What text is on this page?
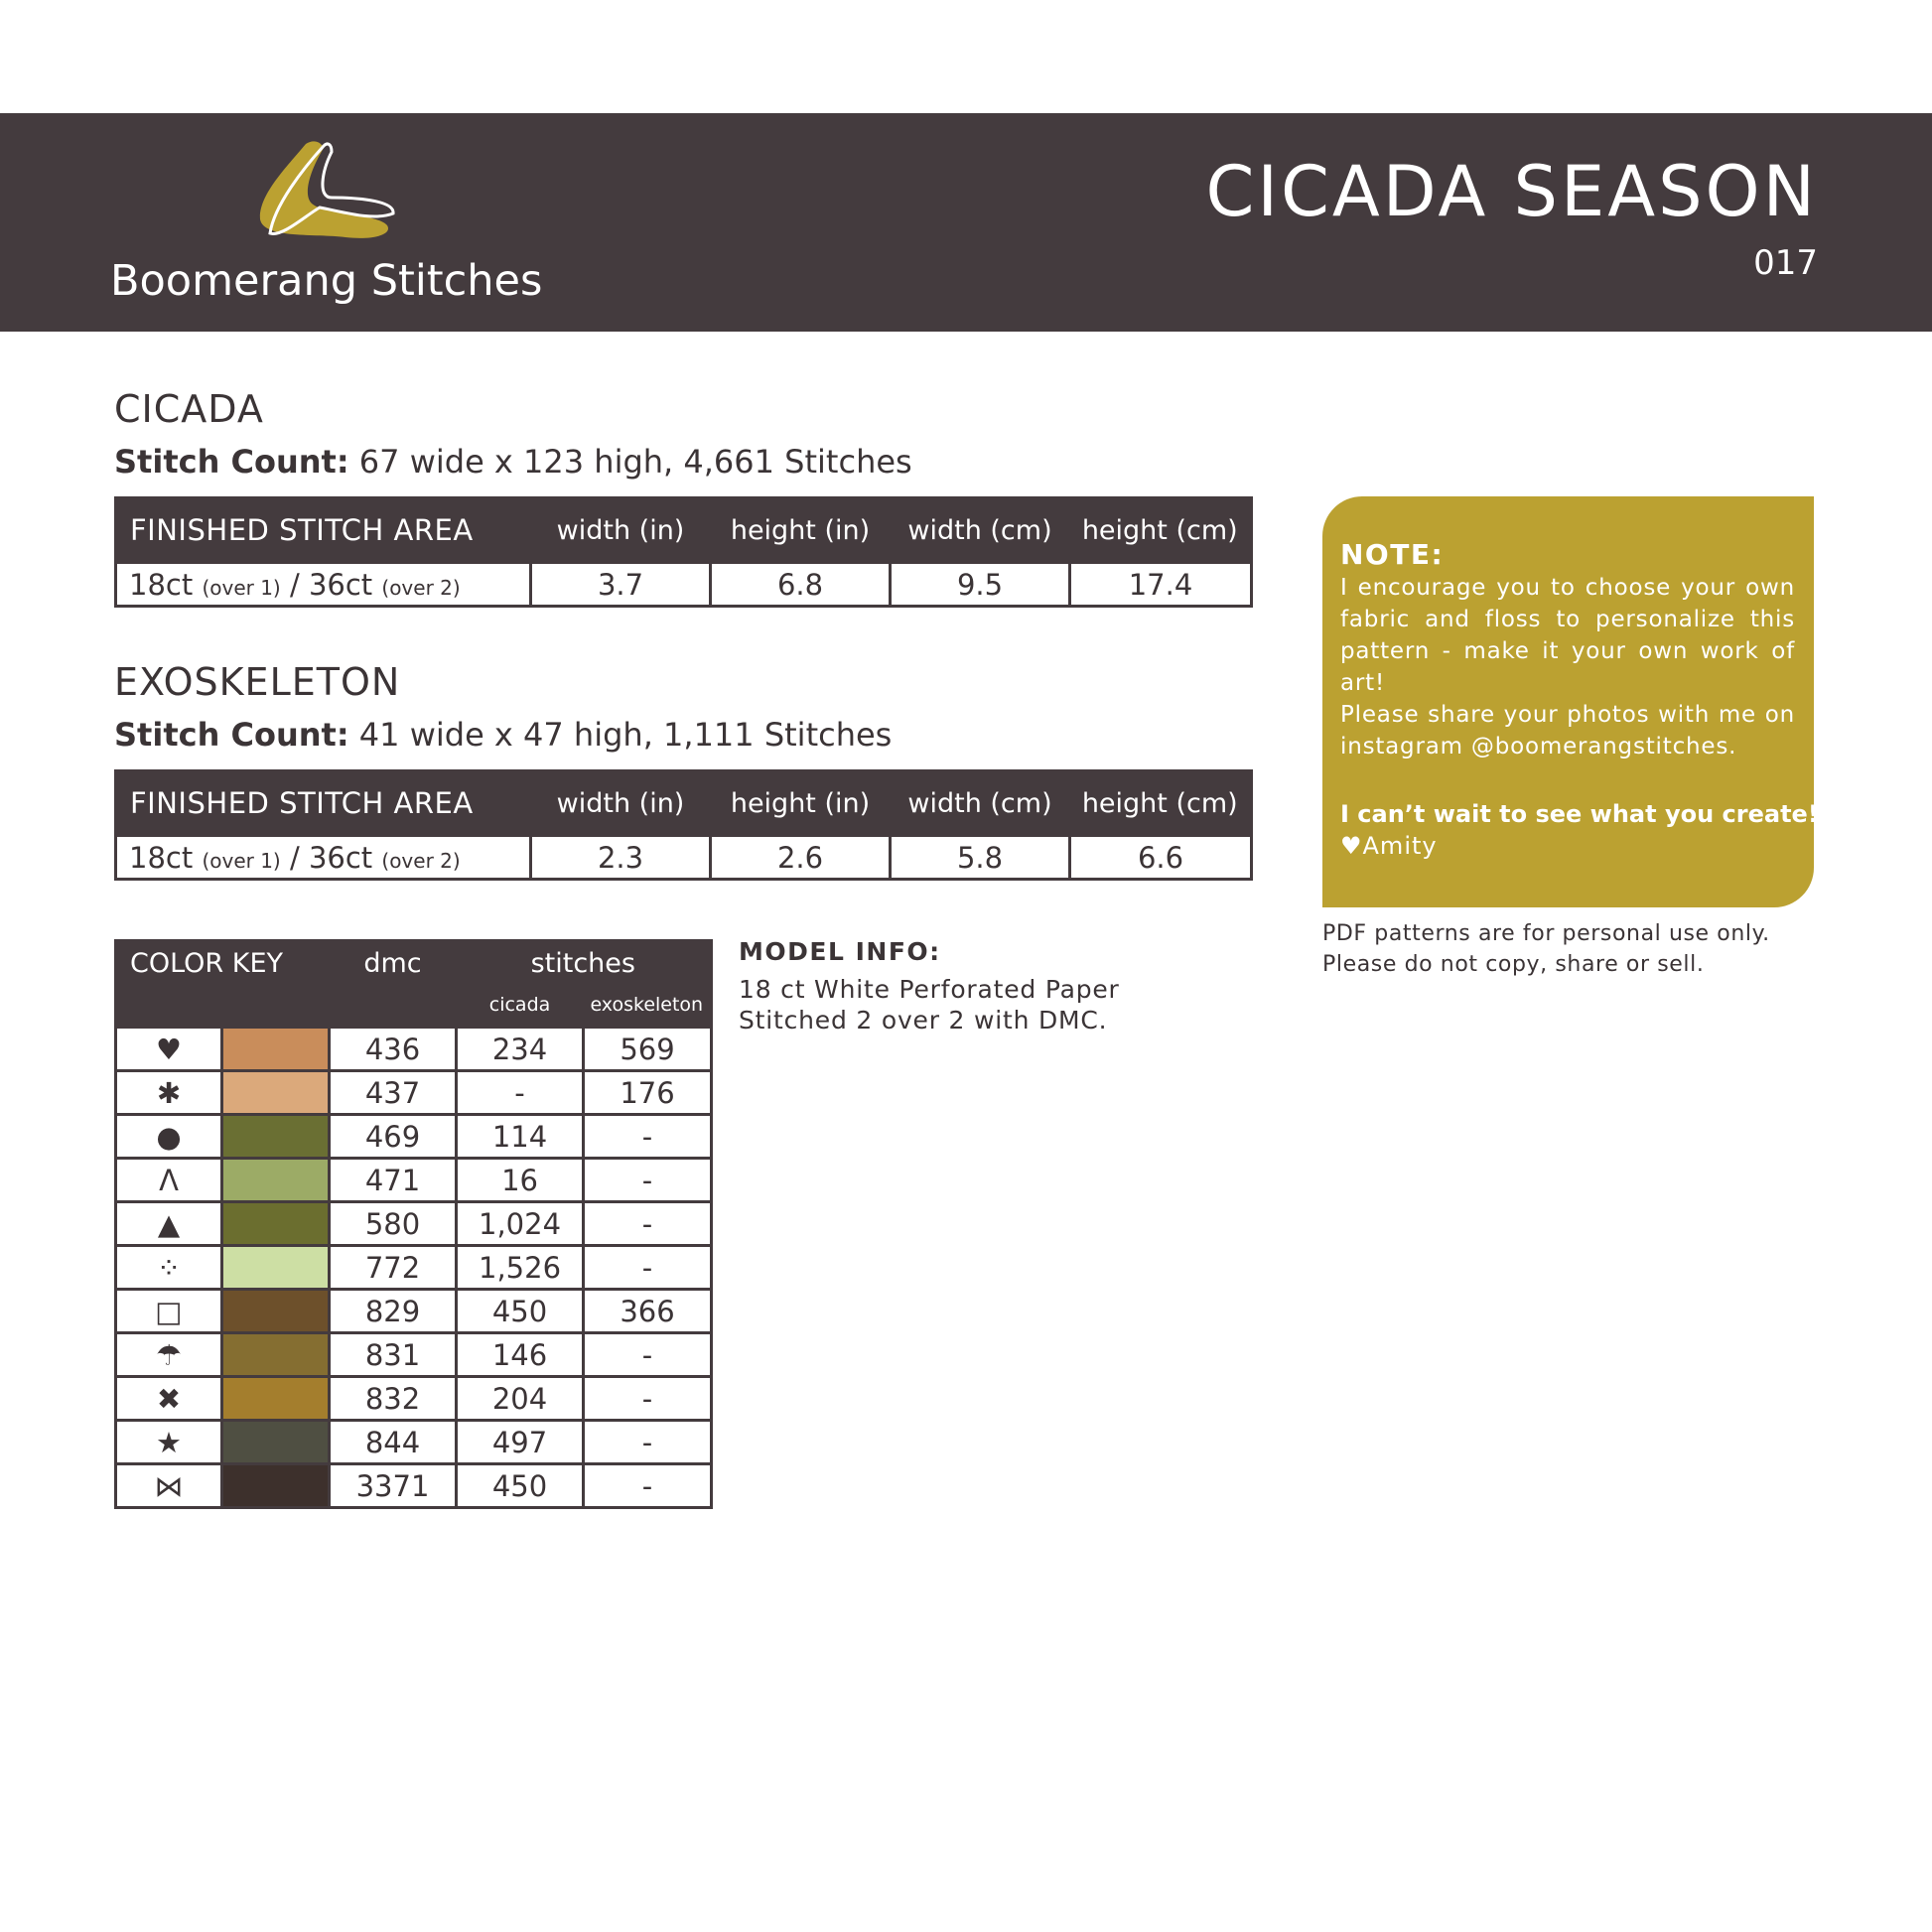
Boomerang Stitches
CICADA SEASON
017
CICADA
Stitch Count: 67 wide x 123 high, 4,661 Stitches
FINISHED STITCH AREA	width (in)	height (in)	width (cm)	height (cm)
18ct (over 1) / 36ct (over 2)	3.7	6.8	9.5	17.4
EXOSKELETON
Stitch Count: 41 wide x 47 high, 1,111 Stitches
FINISHED STITCH AREA	width (in)	height (in)	width (cm)	height (cm)
18ct (over 1) / 36ct (over 2)	2.3	2.6	5.8	6.6
COLOR KEY		dmc	stitches	
			cicada	exoskeleton
♥		436	234	569
✱		437	-	176
●		469	114	-
Λ		471	16	-
▲		580	1,024	-
⁘		772	1,526	-
□		829	450	366
☂		831	146	-
✖		832	204	-
★		844	497	-
⋈		3371	450	-
MODEL INFO:
18 ct White Perforated Paper
Stitched 2 over 2 with DMC.
NOTE:
I encourage you to choose your own fabric and floss to personalize this pattern - make it your own work of art!
Please share your photos with me on instagram @boomerangstitches.
I can’t wait to see what you create!
♥Amity
PDF patterns are for personal use only.
Please do not copy, share or sell.
